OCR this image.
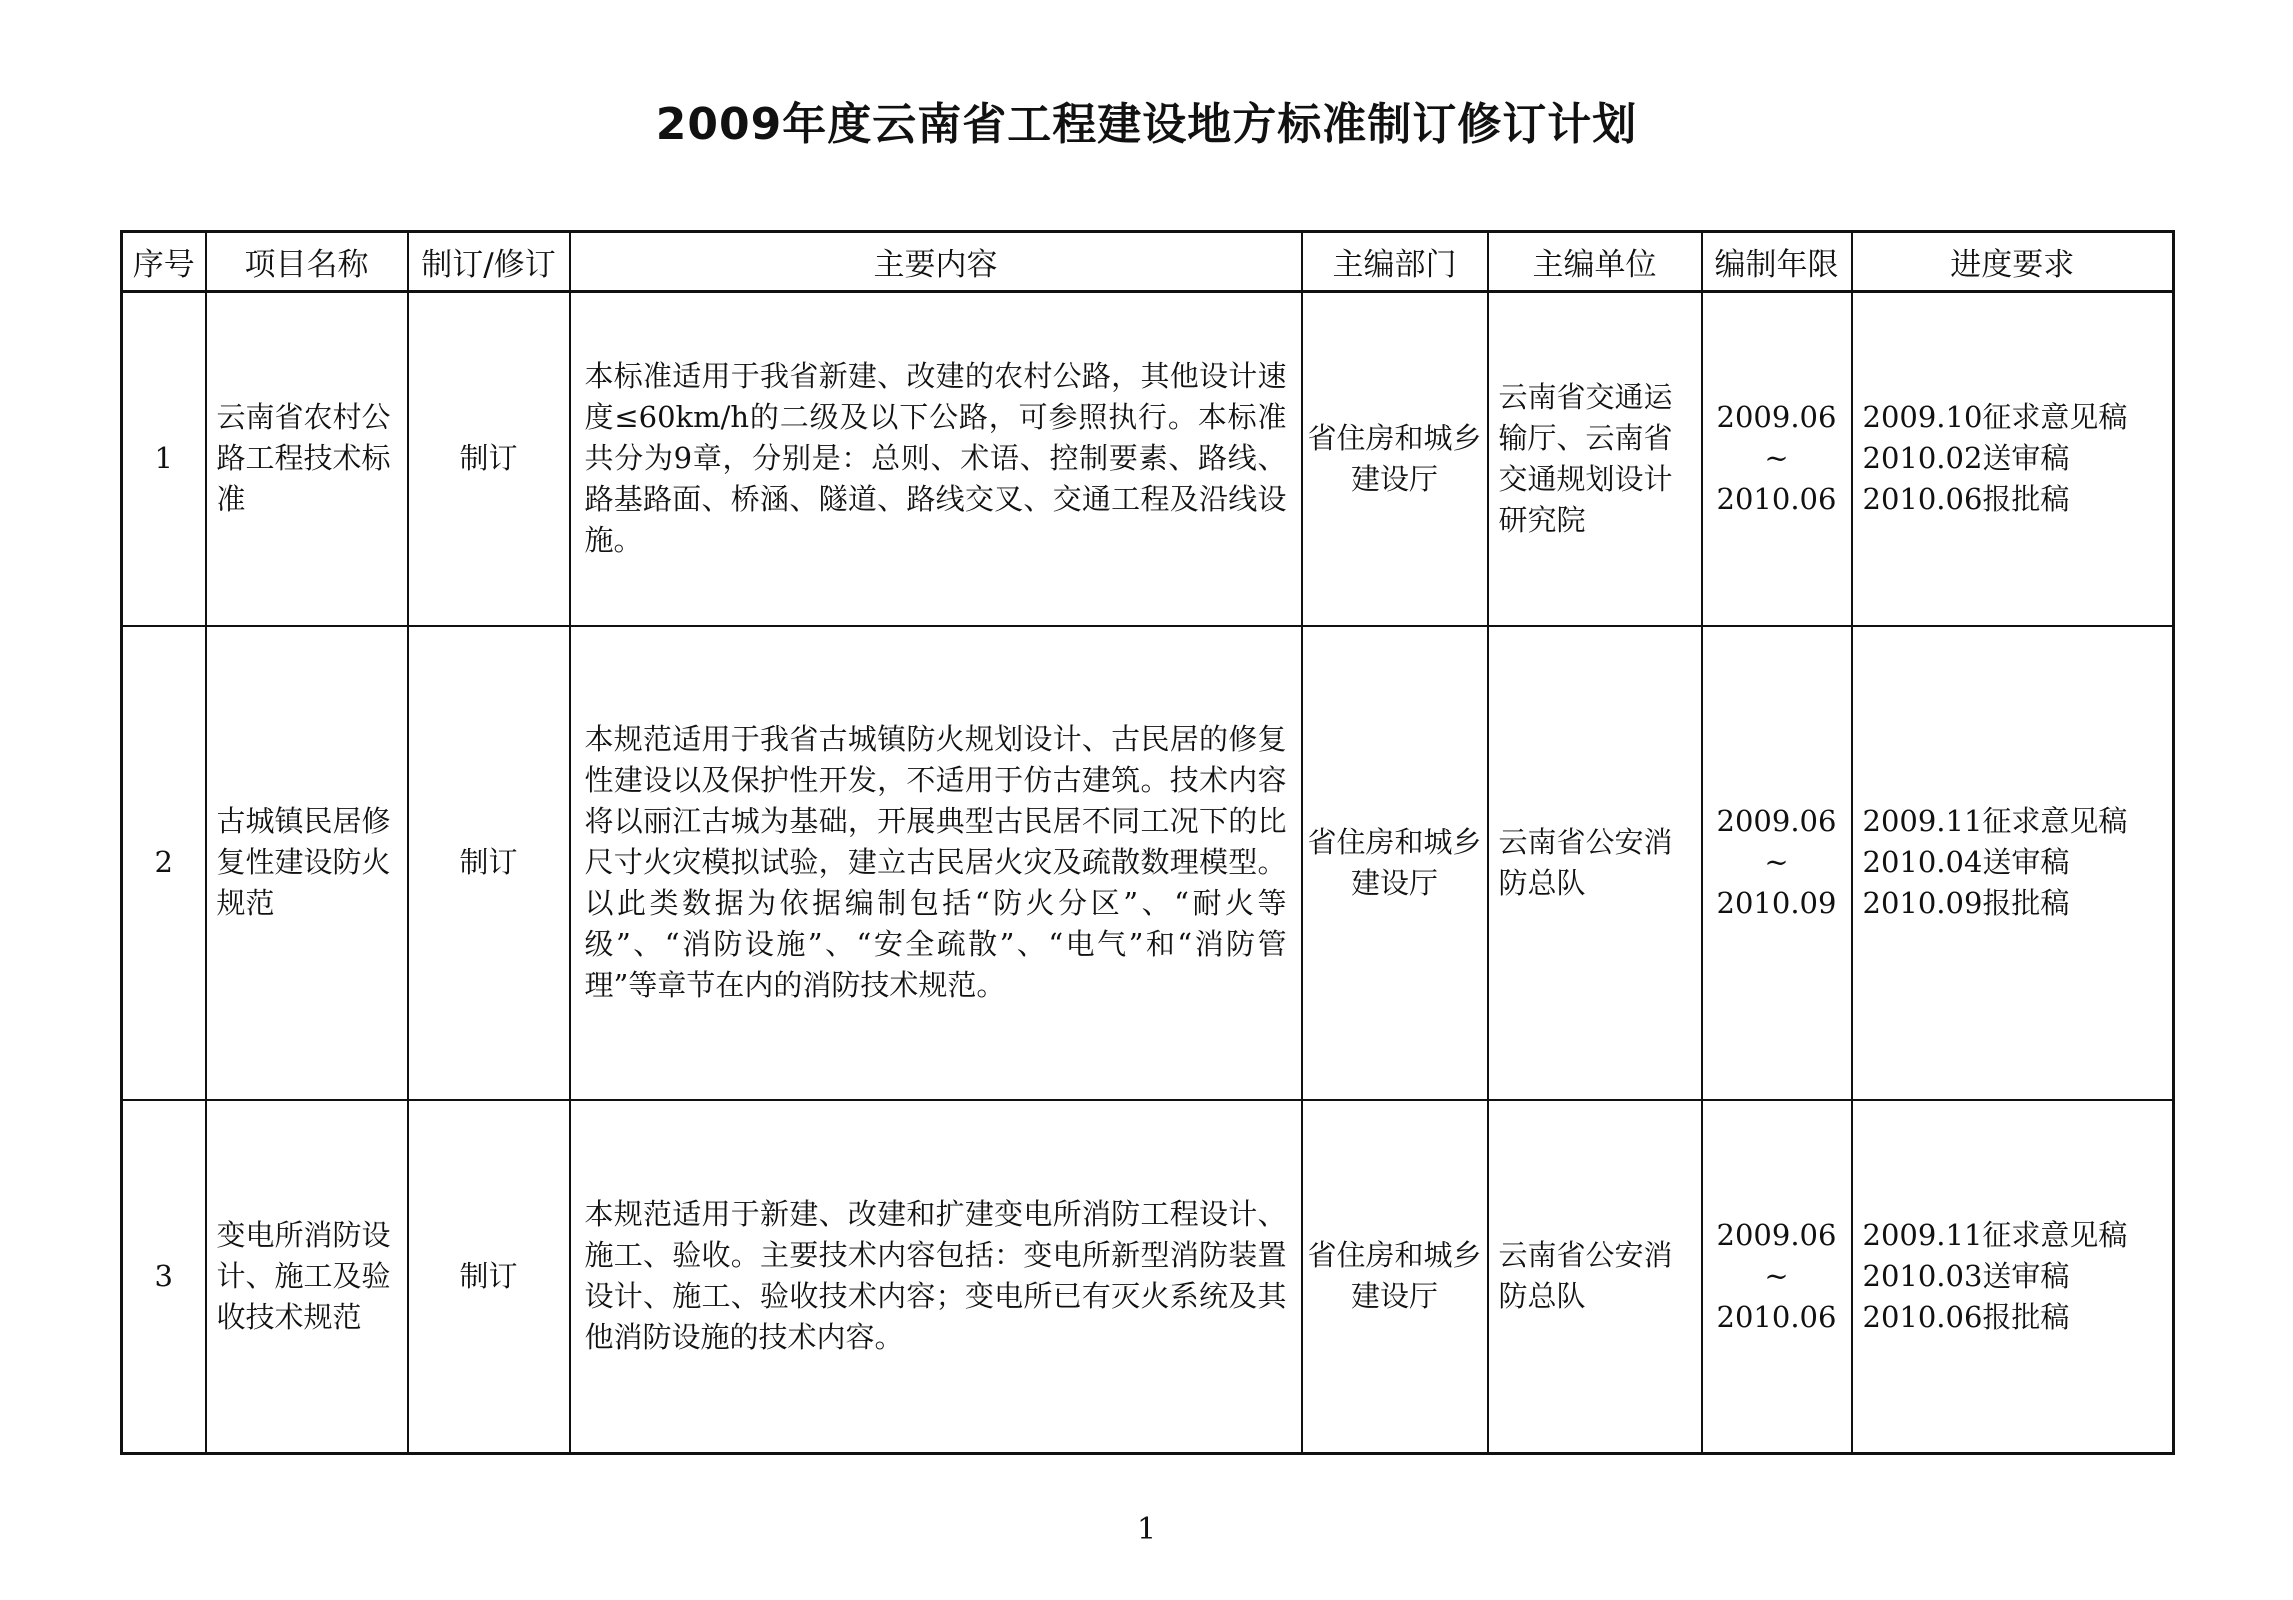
2009年度云南省工程建设地方标准制订修订计划
序号	项目名称	制订/修订	主要内容	主编部门	主编单位	编制年限	进度要求
1	云南省农村公路工程技术标准	制订	本标准适用于我省新建、改建的农村公路，其他设计速度≤60km/h的二级及以下公路，可参照执行。本标准共分为9章，分别是：总则、术语、控制要素、路线、路基路面、桥涵、隧道、路线交叉、交通工程及沿线设施。	省住房和城乡建设厅	云南省交通运输厅、云南省交通规划设计研究院	2009.06
~
2010.06	2009.10征求意见稿
2010.02送审稿
2010.06报批稿

2	古城镇民居修复性建设防火规范	制订	本规范适用于我省古城镇防火规划设计、古民居的修复性建设以及保护性开发，不适用于仿古建筑。技术内容将以丽江古城为基础，开展典型古民居不同工况下的比尺寸火灾模拟试验，建立古民居火灾及疏散数理模型。以此类数据为依据编制包括“防火分区”、“耐火等级”、“消防设施”、“安全疏散”、“电气”和“消防管理”等章节在内的消防技术规范。	省住房和城乡建设厅	云南省公安消防总队	2009.06
~
2010.09	2009.11征求意见稿
2010.04送审稿
2010.09报批稿

3	变电所消防设计、施工及验收技术规范	制订	本规范适用于新建、改建和扩建变电所消防工程设计、施工、验收。主要技术内容包括：变电所新型消防装置设计、施工、验收技术内容；变电所已有灭火系统及其他消防设施的技术内容。	省住房和城乡建设厅	云南省公安消防总队	2009.06
~
2010.06	2009.11征求意见稿
2010.03送审稿
2010.06报批稿
1
